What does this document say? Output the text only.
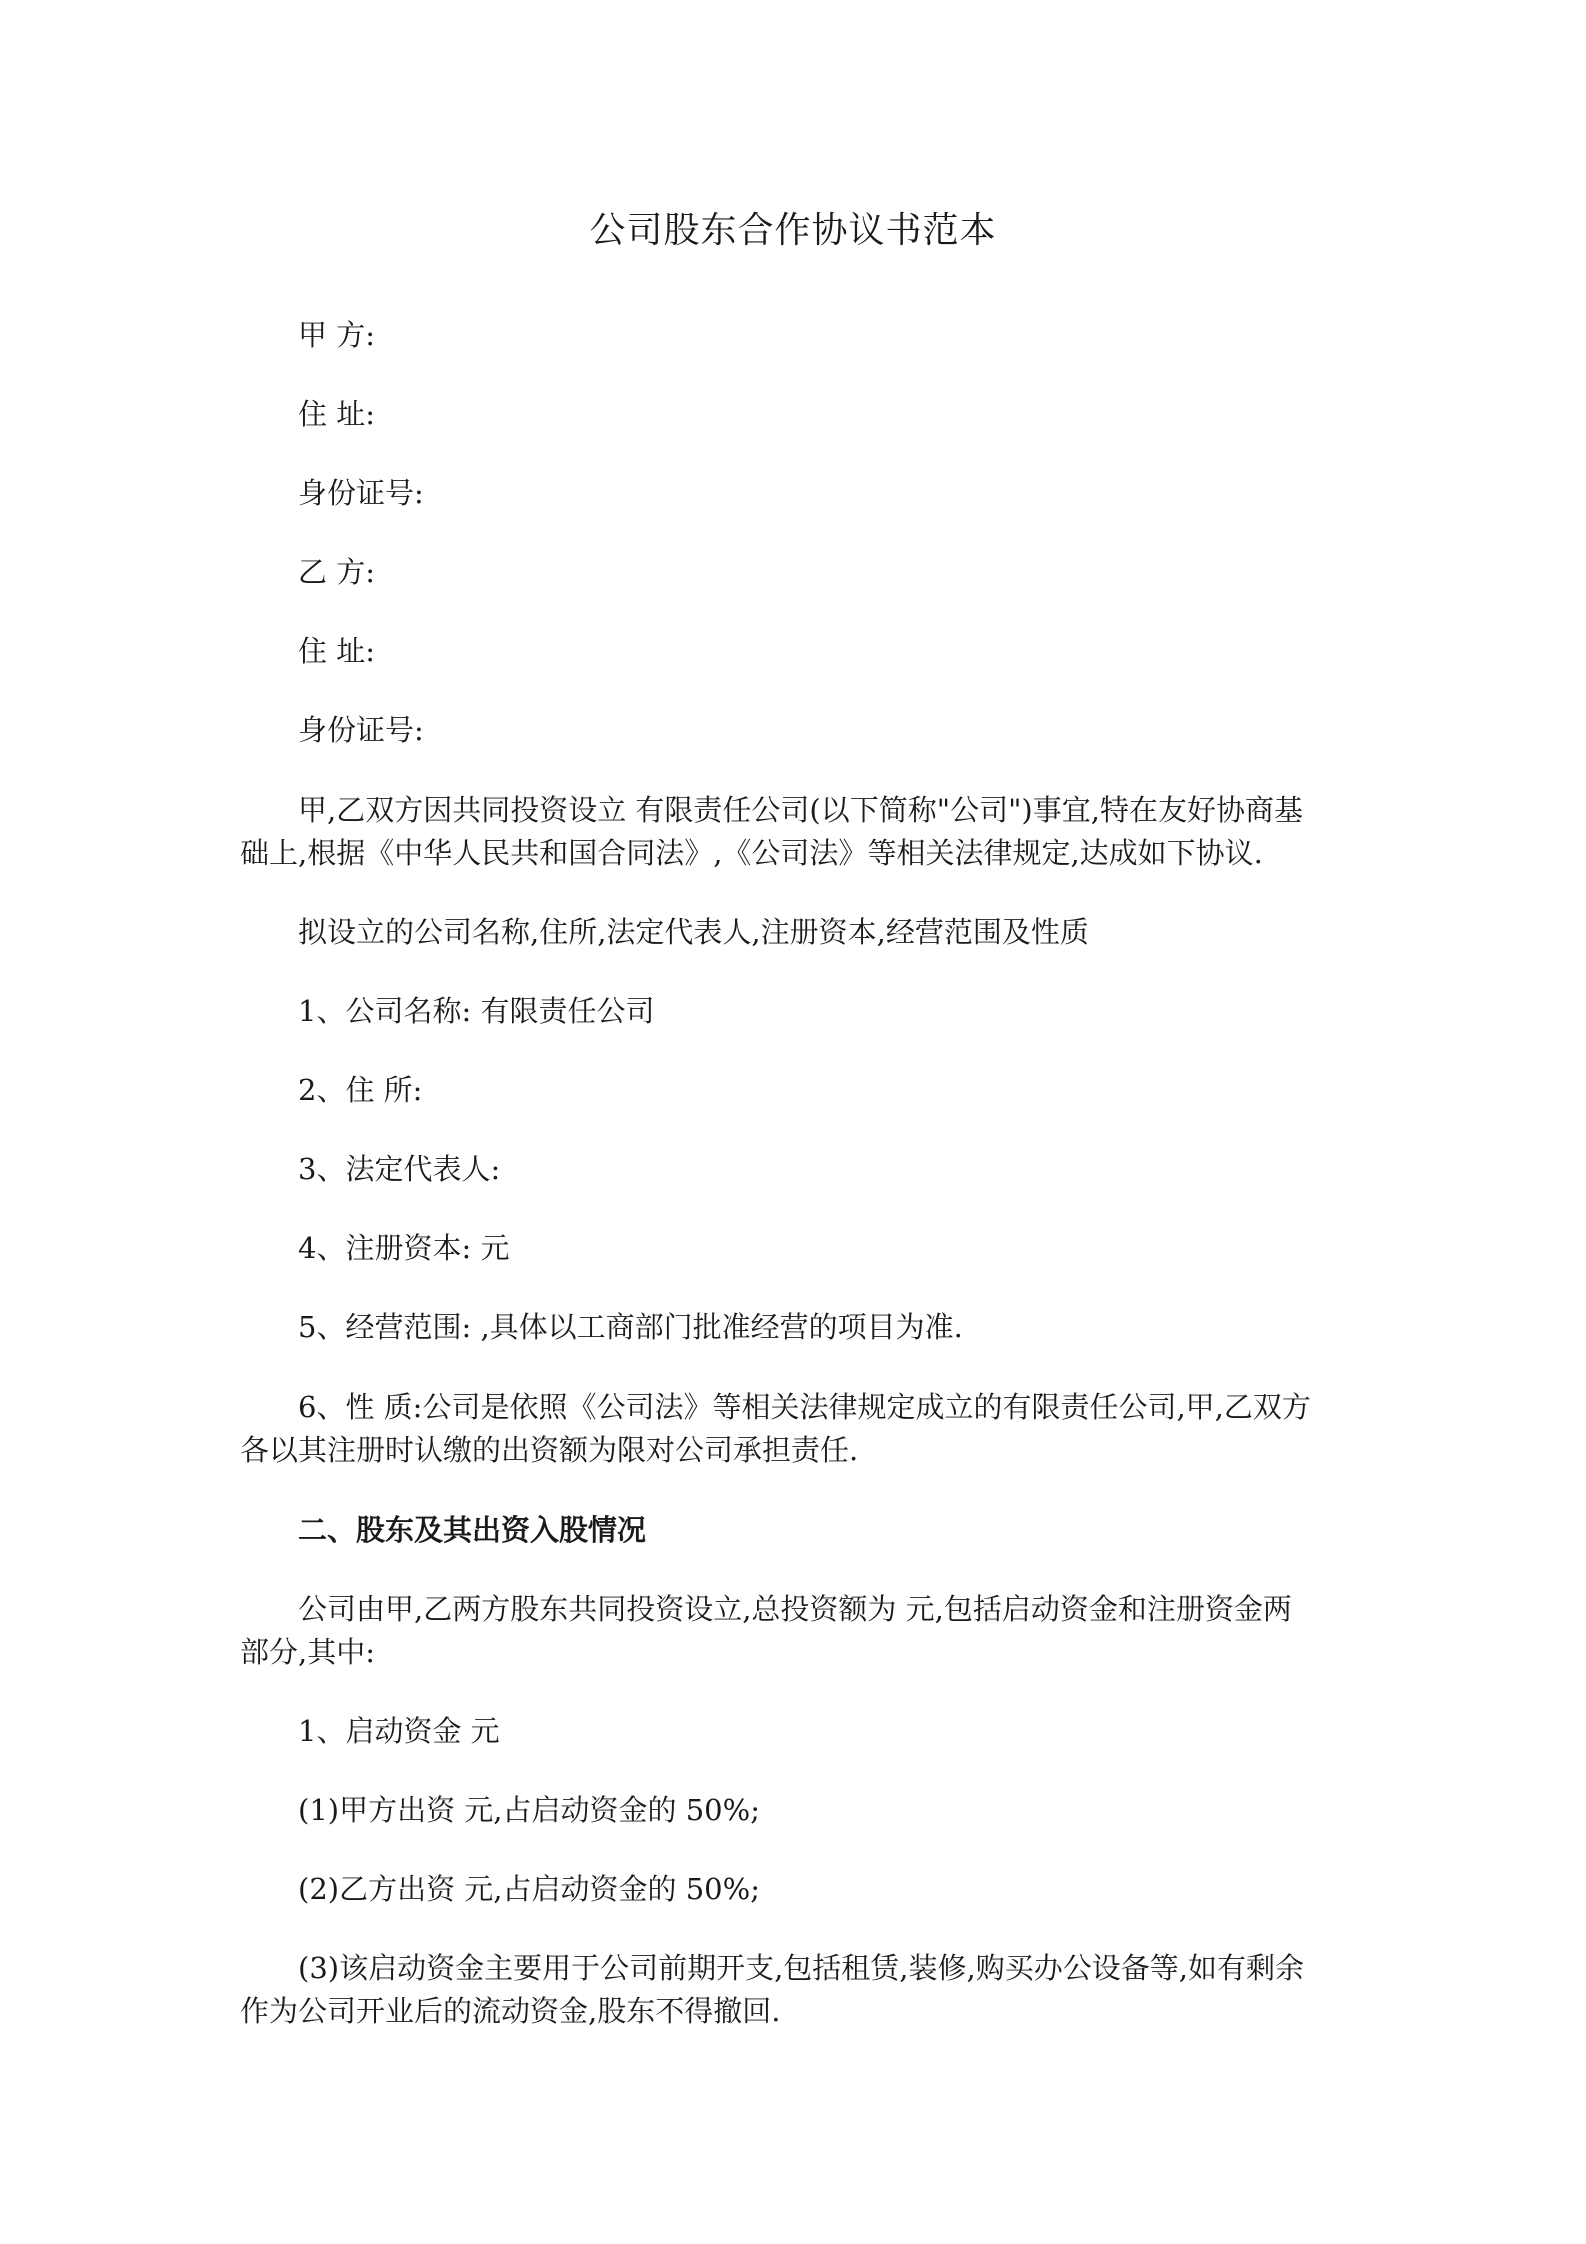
公司股东合作协议书范本
甲 方:
住 址:
身份证号:
乙 方:
住 址:
身份证号:
甲,乙双方因共同投资设立 有限责任公司(以下简称"公司")事宜,特在友好协商基
础上,根据《中华人民共和国合同法》,《公司法》等相关法律规定,达成如下协议.
拟设立的公司名称,住所,法定代表人,注册资本,经营范围及性质
1、公司名称: 有限责任公司
2、住 所:
3、法定代表人:
4、注册资本: 元
5、经营范围: ,具体以工商部门批准经营的项目为准.
6、性 质:公司是依照《公司法》等相关法律规定成立的有限责任公司,甲,乙双方
各以其注册时认缴的出资额为限对公司承担责任.
二、股东及其出资入股情况
公司由甲,乙两方股东共同投资设立,总投资额为 元,包括启动资金和注册资金两
部分,其中:
1、启动资金 元
(1)甲方出资 元,占启动资金的 50%;
(2)乙方出资 元,占启动资金的 50%;
(3)该启动资金主要用于公司前期开支,包括租赁,装修,购买办公设备等,如有剩余
作为公司开业后的流动资金,股东不得撤回.
